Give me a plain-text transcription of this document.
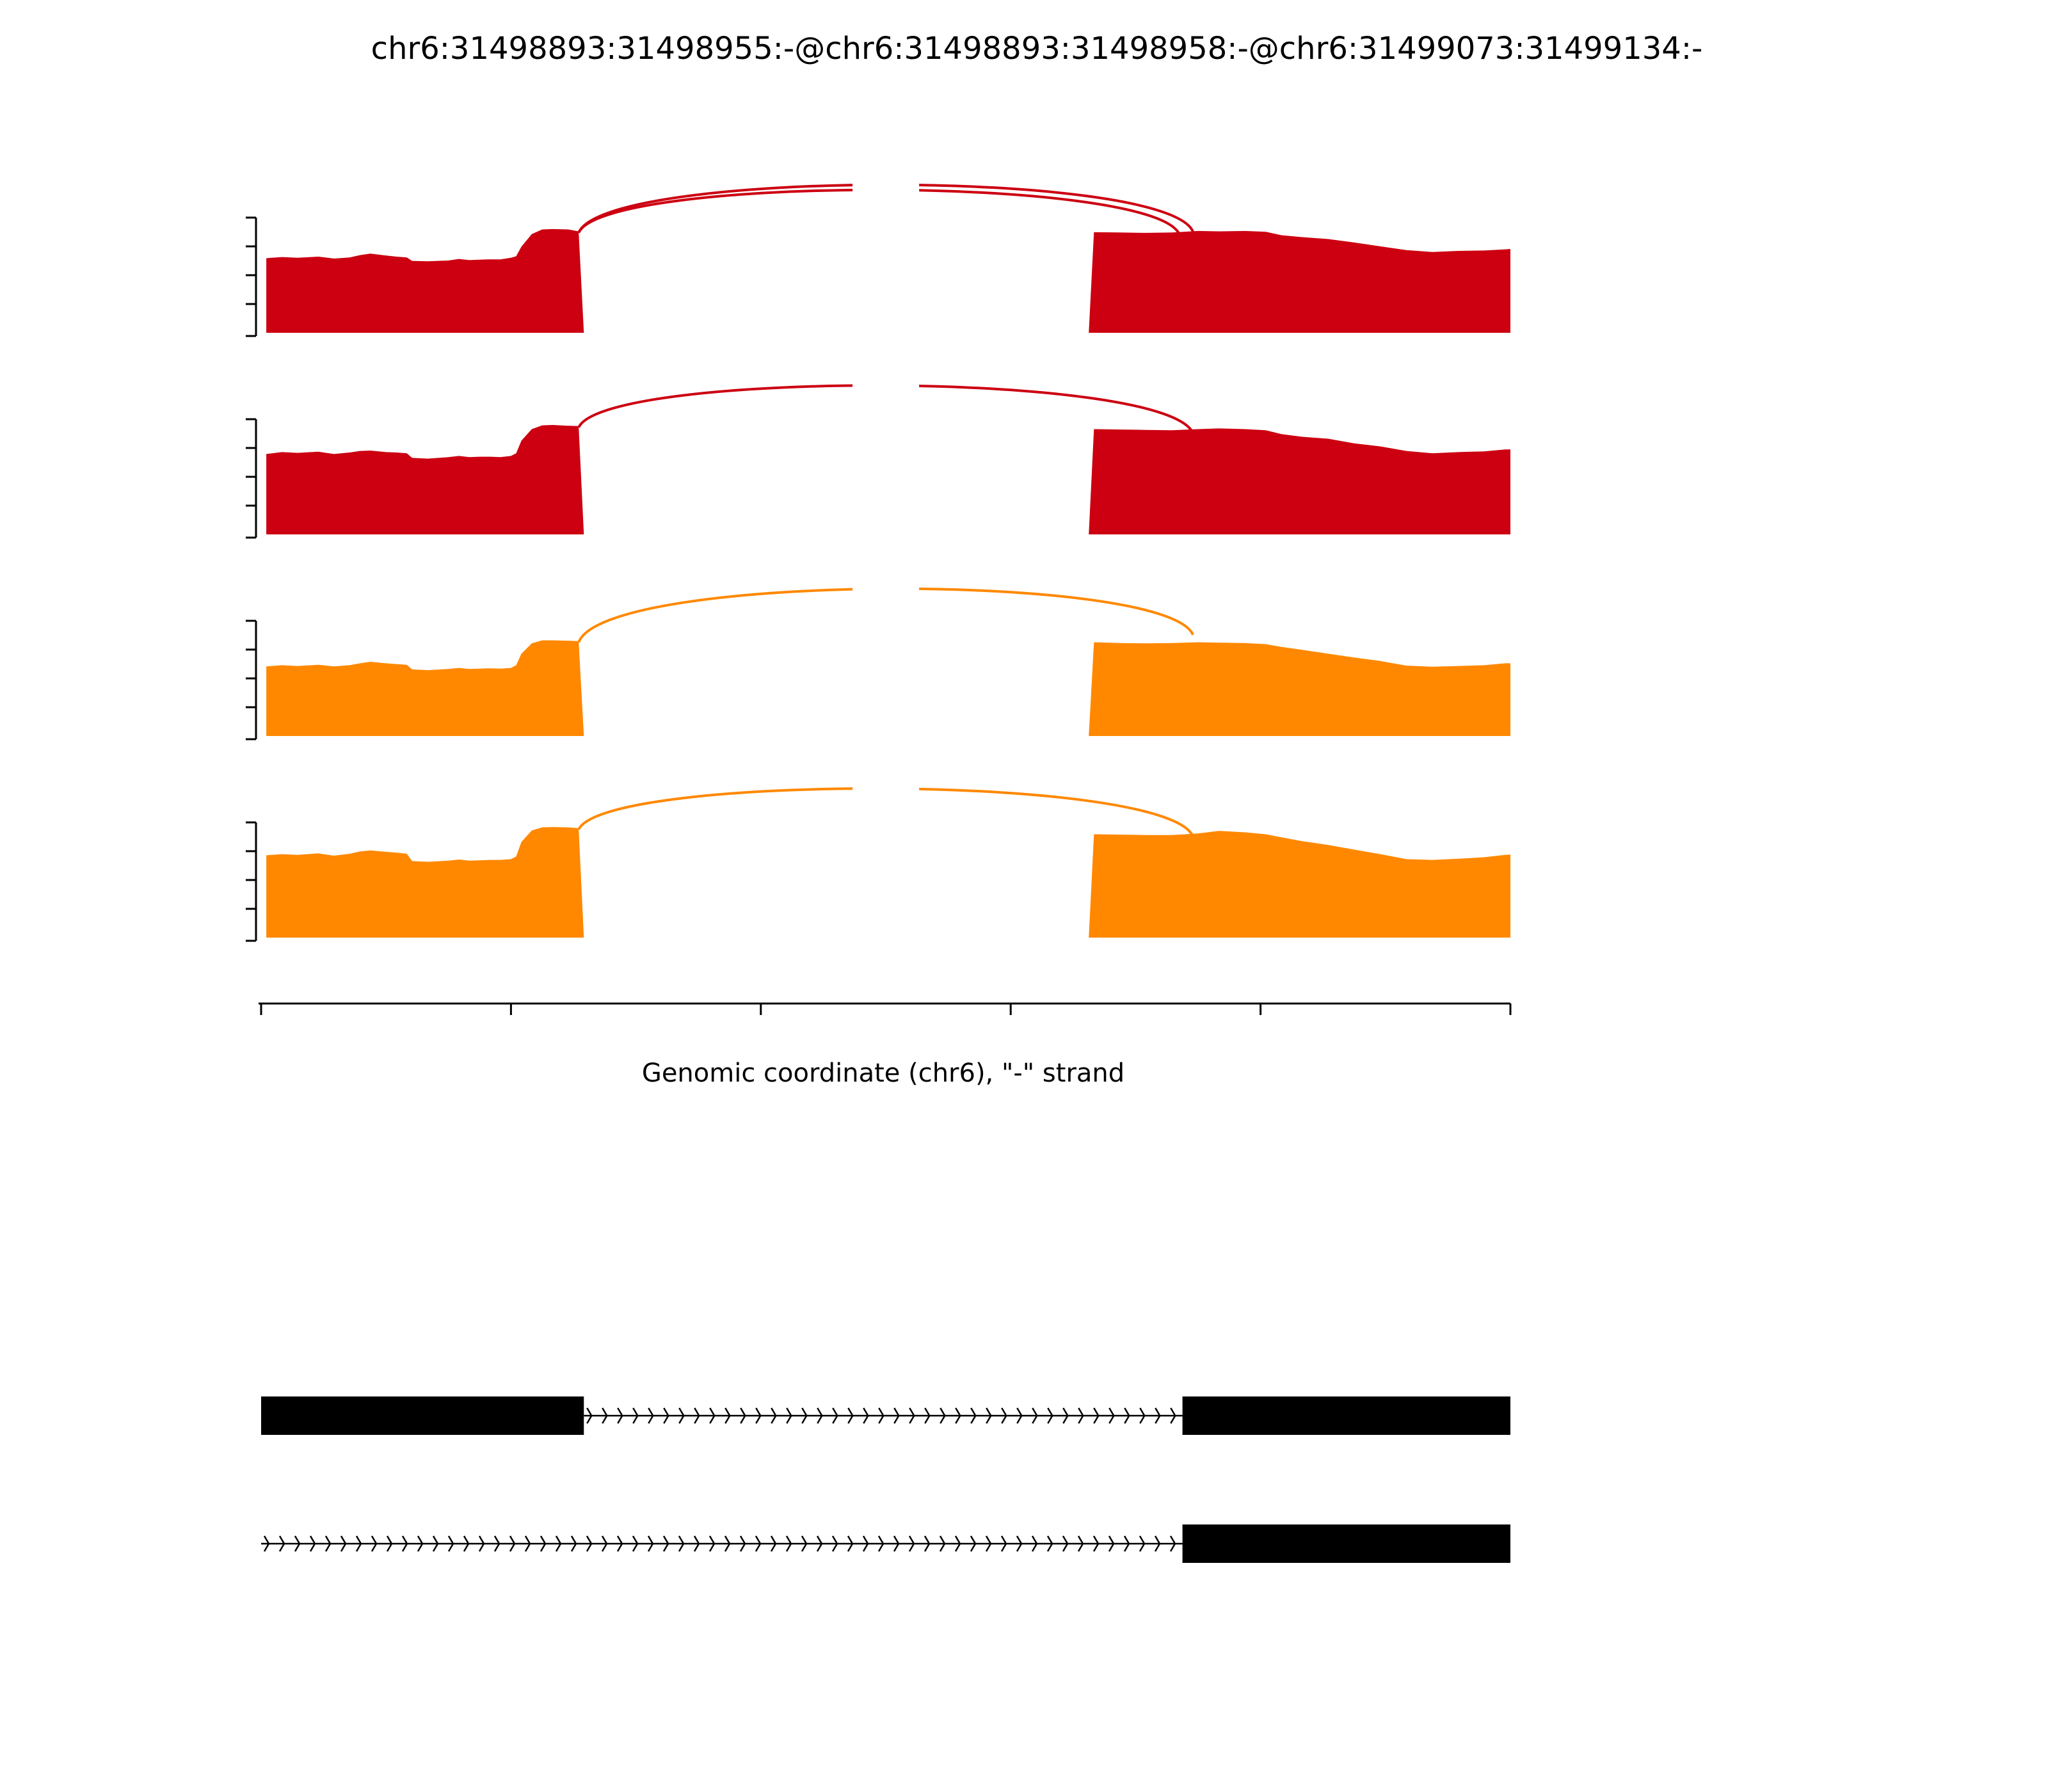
chr6:31498893:31498955:-@chr6:31498893:31498958:-@chr6:31499073:31499134:-
Genomic coordinate (chr6), "-" strand
